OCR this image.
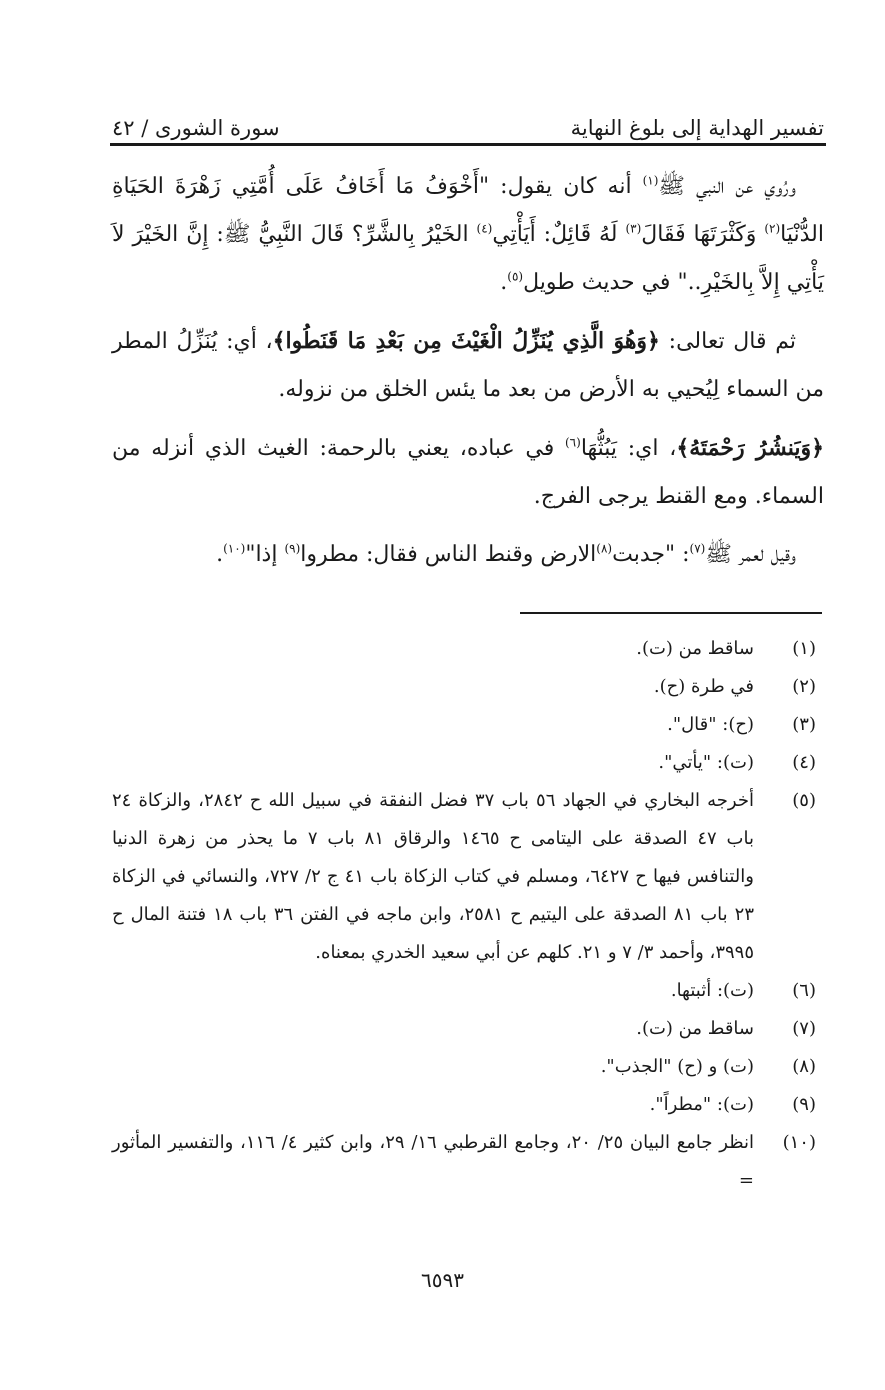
تفسير الهداية إلى بلوغ النهاية
سورة الشورى / ٤٢

ورُوي عن النبي ﷺ$^{(١)}$ أنه كان يقول: "أَخْوَفُ مَا أَخَافُ عَلَى أُمَّتِي زَهْرَةَ الحَيَاةِ الدُّنْيَا$^{(٢)}$ وَكَثْرَتَهَا فَقَالَ$^{(٣)}$ لَهُ قَائِلٌ: أَيَأْتِي$^{(٤)}$ الخَيْرُ بِالشَّرِّ؟ قَالَ النَّبِيُّ ﷺ: إِنَّ الخَيْرَ لاَ يَأْتِي إِلاَّ بِالخَيْرِ.." في حديث طويل$^{(٥)}$.

ثم قال تعالى: ﴿وَهُوَ الَّذِي يُنَزِّلُ الْغَيْثَ مِن بَعْدِ مَا قَنَطُوا﴾، أي: يُنَزِّلُ المطر من السماء لِيُحيي به الأرض من بعد ما يئس الخلق من نزوله.

﴿وَيَنشُرُ رَحْمَتَهُ﴾، اي: يَبُثُّهَا$^{(٦)}$ في عباده، يعني بالرحمة: الغيث الذي أنزله من السماء. ومع القنط يرجى الفرج.

وقيل لعمر ﷺ$^{(٧)}$: "جدبت$^{(٨)}$الارض وقنط الناس فقال: مطروا$^{(٩)}$ إذا"$^{(١٠)}$.

(١)
ساقط من (ت).
(٢)
في طرة (ح).
(٣)
(ح): "قال".
(٤)
(ت): "يأتي".
(٥)
أخرجه البخاري في الجهاد ٥٦ باب ٣٧ فضل النفقة في سبيل الله ح ٢٨٤٢، والزكاة ٢٤ باب ٤٧ الصدقة على اليتامى ح ١٤٦٥ والرقاق ٨١ باب ٧ ما يحذر من زهرة الدنيا والتنافس فيها ح ٦٤٢٧، ومسلم في كتاب الزكاة باب ٤١ ج ٢/ ٧٢٧، والنسائي في الزكاة ٢٣ باب ٨١ الصدقة على اليتيم ح ٢٥٨١، وابن ماجه في الفتن ٣٦ باب ١٨ فتنة المال ح ٣٩٩٥، وأحمد ٣/ ٧ و ٢١. كلهم عن أبي سعيد الخدري بمعناه.
(٦)
(ت): أثبتها.
(٧)
ساقط من (ت).
(٨)
(ت) و (ح) "الجذب".
(٩)
(ت): "مطراً".
(١٠)
انظر جامع البيان ٢٥/ ٢٠، وجامع القرطبي ١٦/ ٢٩، وابن كثير ٤/ ١١٦، والتفسير المأثور =
٦٥٩٣
